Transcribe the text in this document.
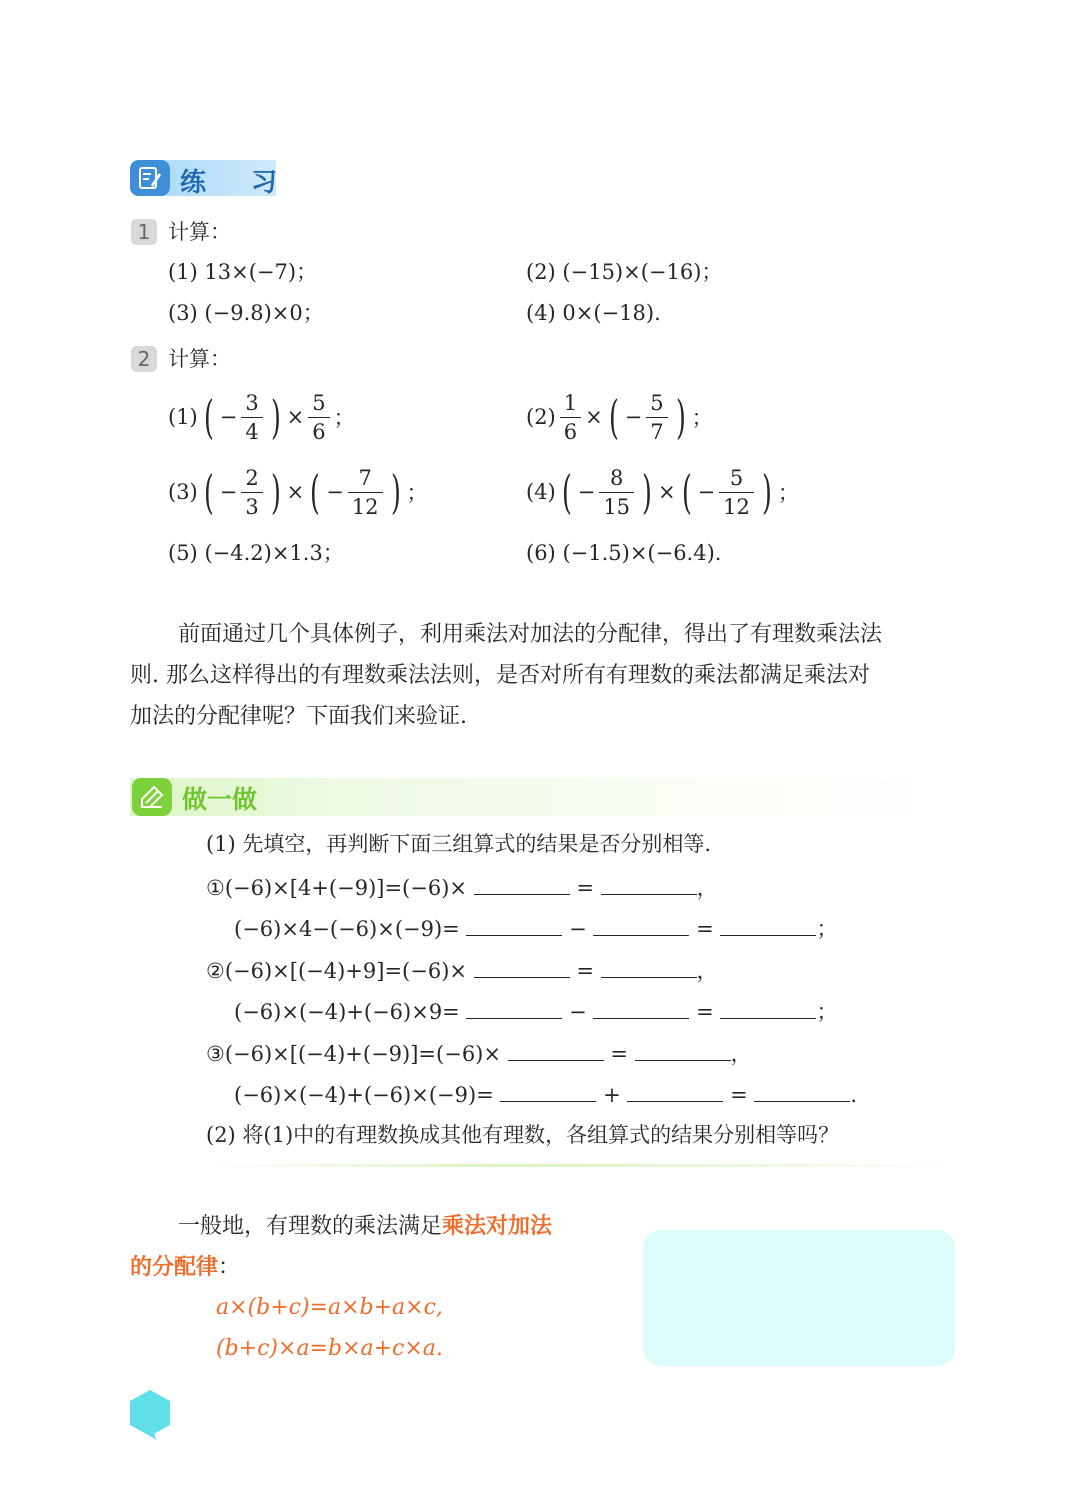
练 习
1 计算：
(1) 13×(−7)；	(2) (−15)×(−16)；
(3) (−9.8)×0；	(4) 0×(−18).
2 计算：
(1) ( − $\frac{3}{4}$ ) × $\frac{5}{6}$ ；	$(2) \frac{1}{6}$ × ( − $\frac{5}{7}$ ) ；
(3) ( − $\frac{2}{3}$ ) × ( − $\frac{7}{12}$ ) ；	(4) ( − $\frac{8}{15}$ ) × ( − $\frac{5}{12}$ ) ；
(5) (−4.2)×1.3；	(6) (−1.5)×(−6.4).
前面通过几个具体例子，利用乘法对加法的分配律，得出了有理数乘法法
则. 那么这样得出的有理数乘法法则，是否对所有有理数的乘法都满足乘法对
加法的分配律呢？下面我们来验证.
做一做
(1) 先填空，再判断下面三组算式的结果是否分别相等.
①(−6)×[4+(−9)]=(−6)×	=	，
(−6)×4−(−6)×(−9)=	−	=	；
②(−6)×[(−4)+9]=(−6)×	=	，
(−6)×(−4)+(−6)×9=	−	=	；
③(−6)×[(−4)+(−9)]=(−6)×	=	，
(−6)×(−4)+(−6)×(−9)=	+	=	.
(2) 将(1)中的有理数换成其他有理数，各组算式的结果分别相等吗？
一般地，有理数的乘法满足乘法对加法
的分配律：
a×(b+c)=a×b+a×c,
(b+c)×a=b×a+c×a.
